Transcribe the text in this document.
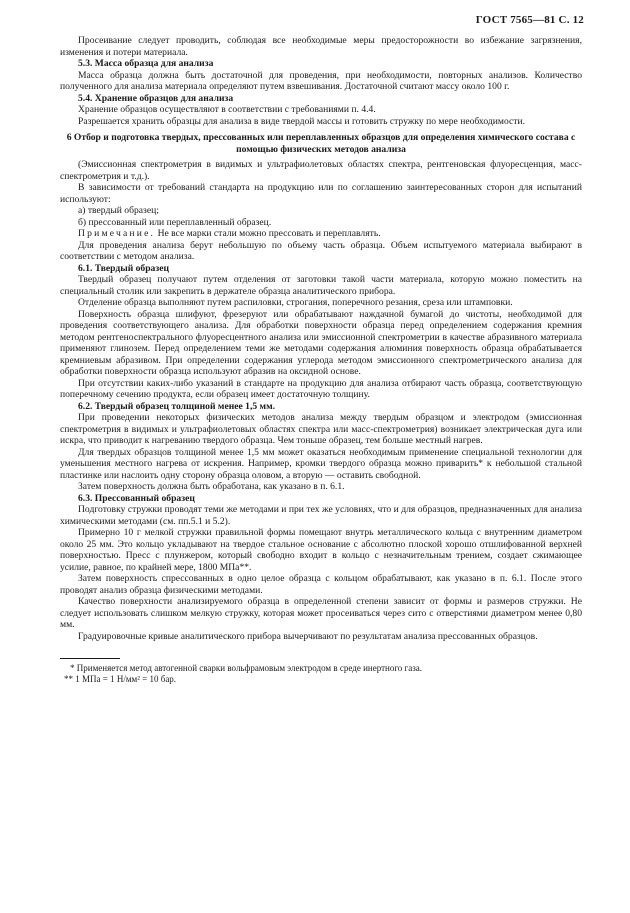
ГОСТ 7565—81 С. 12

Просеивание следует проводить, соблюдая все необходимые меры предосторожности во избежание загрязнения, изменения и потери материала.

5.3. Масса образца для анализа

Масса образца должна быть достаточной для проведения, при необходимости, повторных анализов. Количество полученного для анализа материала определяют путем взвешивания. Достаточной считают массу около 100 г.

5.4. Хранение образцов для анализа

Хранение образцов осуществляют в соответствии с требованиями п. 4.4.

Разрешается хранить образцы для анализа в виде твердой массы и готовить стружку по мере необходимости.

6 Отбор и подготовка твердых, прессованных или переплавленных образцов для определения химического состава с помощью физических методов анализа

(Эмиссионная спектрометрия в видимых и ультрафиолетовых областях спектра, рентгеновская флуоресценция, масс-спектрометрия и т.д.).

В зависимости от требований стандарта на продукцию или по соглашению заинтересованных сторон для испытаний используют:

а) твердый образец;

б) прессованный или переплавленный образец.

Примечание. Не все марки стали можно прессовать и переплавлять.

Для проведения анализа берут небольшую по объему часть образца. Объем испытуемого материала выбирают в соответствии с методом анализа.

6.1. Твердый образец

Твердый образец получают путем отделения от заготовки такой части материала, которую можно поместить на специальный столик или закрепить в держателе образца аналитического прибора.

Отделение образца выполняют путем распиловки, строгания, поперечного резания, среза или штамповки.

Поверхность образца шлифуют, фрезеруют или обрабатывают наждачной бумагой до чистоты, необходимой для проведения соответствующего анализа. Для обработки поверхности образца перед определением содержания кремния методом рентгеноспектрального флуоресцентного анализа или эмиссионной спектрометрии в качестве абразивного материала применяют глинозем. Перед определением теми же методами содержания алюминия поверхность образца обрабатывается кремниевым абразивом. При определении содержания углерода методом эмиссионного спектрометрического анализа для обработки поверхности образца используют абразив на оксидной основе.

При отсутствии каких-либо указаний в стандарте на продукцию для анализа отбирают часть образца, соответствующую поперечному сечению продукта, если образец имеет достаточную толщину.

6.2. Твердый образец толщиной менее 1,5 мм.

При проведении некоторых физических методов анализа между твердым образцом и электродом (эмиссионная спектрометрия в видимых и ультрафиолетовых областях спектра или масс-спектрометрия) возникает электрическая дуга или искра, что приводит к нагреванию твердого образца. Чем тоньше образец, тем больше местный нагрев.

Для твердых образцов толщиной менее 1,5 мм может оказаться необходимым применение специальной технологии для уменьшения местного нагрева от искрения. Например, кромки твердого образца можно приварить* к небольшой стальной пластинке или наслоить одну сторону образца оловом, а вторую — оставить свободной.

Затем поверхность должна быть обработана, как указано в п. 6.1.

6.3. Прессованный образец

Подготовку стружки проводят теми же методами и при тех же условиях, что и для образцов, предназначенных для анализа химическими методами (см. пп.5.1 и 5.2).

Примерно 10 г мелкой стружки правильной формы помещают внутрь металлического кольца с внутренним диаметром около 25 мм. Это кольцо укладывают на твердое стальное основание с абсолютно плоской хорошо отшлифованной верхней поверхностью. Пресс с плунжером, который свободно входит в кольцо с незначительным трением, создает сжимающее усилие, равное, по крайней мере, 1800 МПа**.

Затем поверхность спрессованных в одно целое образца с кольцом обрабатывают, как указано в п. 6.1. После этого проводят анализ образца физическими методами.

Качество поверхности анализируемого образца в определенной степени зависит от формы и размеров стружки. Не следует использовать слишком мелкую стружку, которая может просеиваться через сито с отверстиями диаметром менее 0,80 мм.

Градуировочные кривые аналитического прибора вычерчивают по результатам анализа прессованных образцов.

* Применяется метод автогенной сварки вольфрамовым электродом в среде инертного газа.

** 1 МПа = 1 Н/мм² = 10 бар.
